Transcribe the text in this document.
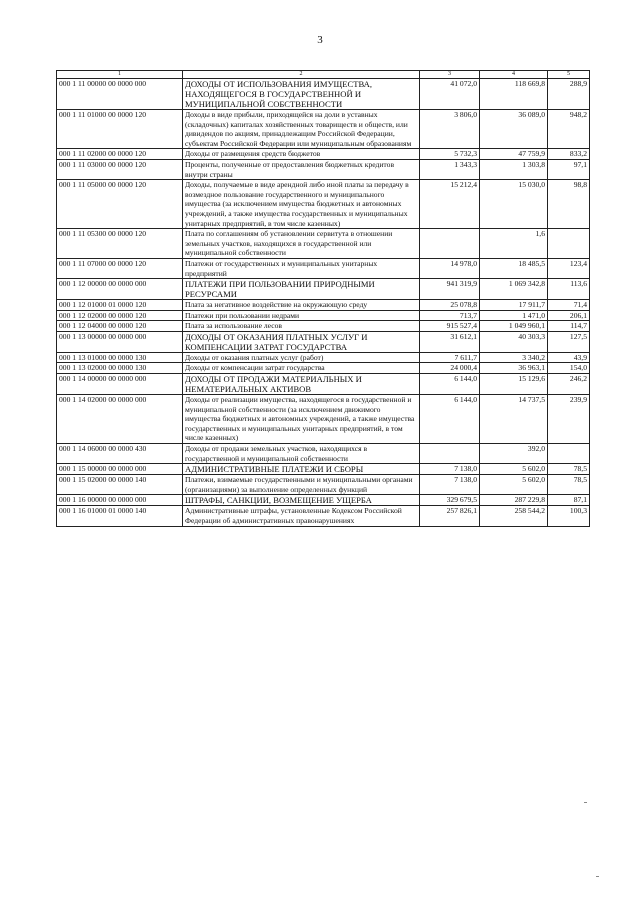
3
1	2	3	4	5
000 1 11 00000 00 0000 000	ДОХОДЫ ОТ ИСПОЛЬЗОВАНИЯ ИМУЩЕСТВА, НАХОДЯЩЕГОСЯ В ГОСУДАРСТВЕННОЙ И МУНИЦИПАЛЬНОЙ СОБСТВЕННОСТИ	41 072,0	118 669,8	288,9
000 1 11 01000 00 0000 120	Доходы в виде прибыли, приходящейся на доли в уставных (складочных) капиталах хозяйственных товариществ и обществ, или дивидендов по акциям, принадлежащим Российской Федерации, субъектам Российской Федерации или муниципальным образованиям	3 806,0	36 089,0	948,2
000 1 11 02000 00 0000 120	Доходы от размещения средств бюджетов	5 732,3	47 759,9	833,2
000 1 11 03000 00 0000 120	Проценты, полученные от предоставления бюджетных кредитов внутри страны	1 343,3	1 303,8	97,1
000 1 11 05000 00 0000 120	Доходы, получаемые в виде арендной либо иной платы за передачу в возмездное пользование государственного и муниципального имущества (за исключением имущества бюджетных и автономных учреждений, а также имущества государственных и муниципальных унитарных предприятий, в том числе казенных)	15 212,4	15 030,0	98,8
000 1 11 05300 00 0000 120	Плата по соглашениям об установлении сервитута в отношении земельных участков, находящихся в государственной или муниципальной собственности		1,6	
000 1 11 07000 00 0000 120	Платежи от государственных и муниципальных унитарных предприятий	14 978,0	18 485,5	123,4
000 1 12 00000 00 0000 000	ПЛАТЕЖИ ПРИ ПОЛЬЗОВАНИИ ПРИРОДНЫМИ РЕСУРСАМИ	941 319,9	1 069 342,8	113,6
000 1 12 01000 01 0000 120	Плата за негативное воздействие на окружающую среду	25 078,8	17 911,7	71,4
000 1 12 02000 00 0000 120	Платежи при пользовании недрами	713,7	1 471,0	206,1
000 1 12 04000 00 0000 120	Плата за использование лесов	915 527,4	1 049 960,1	114,7
000 1 13 00000 00 0000 000	ДОХОДЫ ОТ ОКАЗАНИЯ ПЛАТНЫХ УСЛУГ И КОМПЕНСАЦИИ ЗАТРАТ ГОСУДАРСТВА	31 612,1	40 303,3	127,5
000 1 13 01000 00 0000 130	Доходы от оказания платных услуг (работ)	7 611,7	3 340,2	43,9
000 1 13 02000 00 0000 130	Доходы от компенсации затрат государства	24 000,4	36 963,1	154,0
000 1 14 00000 00 0000 000	ДОХОДЫ ОТ ПРОДАЖИ МАТЕРИАЛЬНЫХ И НЕМАТЕРИАЛЬНЫХ АКТИВОВ	6 144,0	15 129,6	246,2
000 1 14 02000 00 0000 000	Доходы от реализации имущества, находящегося в государственной и муниципальной собственности (за исключением движимого имущества бюджетных и автономных учреждений, а также имущества государственных и муниципальных унитарных предприятий, в том числе казенных)	6 144,0	14 737,5	239,9
000 1 14 06000 00 0000 430	Доходы от продажи земельных участков, находящихся в государственной и муниципальной собственности		392,0	
000 1 15 00000 00 0000 000	АДМИНИСТРАТИВНЫЕ ПЛАТЕЖИ И СБОРЫ	7 138,0	5 602,0	78,5
000 1 15 02000 00 0000 140	Платежи, взимаемые государственными и муниципальными органами (организациями) за выполнение определенных функций	7 138,0	5 602,0	78,5
000 1 16 00000 00 0000 000	ШТРАФЫ, САНКЦИИ, ВОЗМЕЩЕНИЕ УЩЕРБА	329 679,5	287 229,8	87,1
000 1 16 01000 01 0000 140	Административные штрафы, установленные Кодексом Российской Федерации об административных правонарушениях	257 826,1	258 544,2	100,3
